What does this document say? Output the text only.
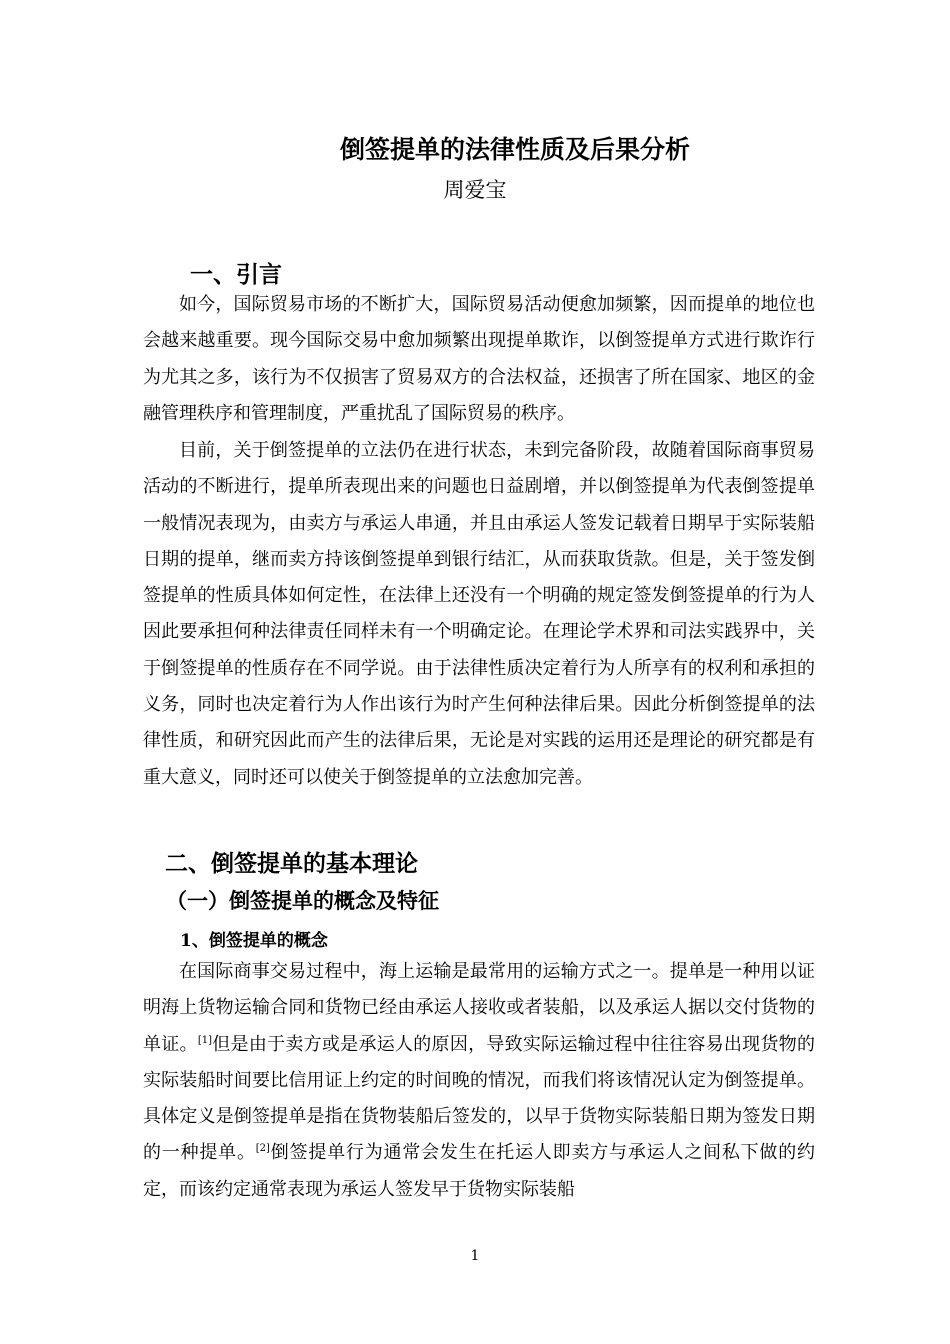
倒签提单的法律性质及后果分析
周爱宝
一、引言

如今，国际贸易市场的不断扩大，国际贸易活动便愈加频繁，因而提单的地位也会越来越重要。现今国际交易中愈加频繁出现提单欺诈，以倒签提单方式进行欺诈行为尤其之多，该行为不仅损害了贸易双方的合法权益，还损害了所在国家、地区的金融管理秩序和管理制度，严重扰乱了国际贸易的秩序。

目前，关于倒签提单的立法仍在进行状态，未到完备阶段，故随着国际商事贸易活动的不断进行，提单所表现出来的问题也日益剧增，并以倒签提单为代表倒签提单一般情况表现为，由卖方与承运人串通，并且由承运人签发记载着日期早于实际装船日期的提单，继而卖方持该倒签提单到银行结汇，从而获取货款。但是，关于签发倒签提单的性质具体如何定性，在法律上还没有一个明确的规定签发倒签提单的行为人因此要承担何种法律责任同样未有一个明确定论。在理论学术界和司法实践界中，关于倒签提单的性质存在不同学说。由于法律性质决定着行为人所享有的权利和承担的义务，同时也决定着行为人作出该行为时产生何种法律后果。因此分析倒签提单的法律性质，和研究因此而产生的法律后果，无论是对实践的运用还是理论的研究都是有重大意义，同时还可以使关于倒签提单的立法愈加完善。

二、倒签提单的基本理论
（一）倒签提单的概念及特征
1、倒签提单的概念

在国际商事交易过程中，海上运输是最常用的运输方式之一。提单是一种用以证明海上货物运输合同和货物已经由承运人接收或者装船，以及承运人据以交付货物的单证。[1]但是由于卖方或是承运人的原因，导致实际运输过程中往往容易出现货物的实际装船时间要比信用证上约定的时间晚的情况，而我们将该情况认定为倒签提单。具体定义是倒签提单是指在货物装船后签发的，以早于货物实际装船日期为签发日期的一种提单。[2]倒签提单行为通常会发生在托运人即卖方与承运人之间私下做的约定，而该约定通常表现为承运人签发早于货物实际装船

1
